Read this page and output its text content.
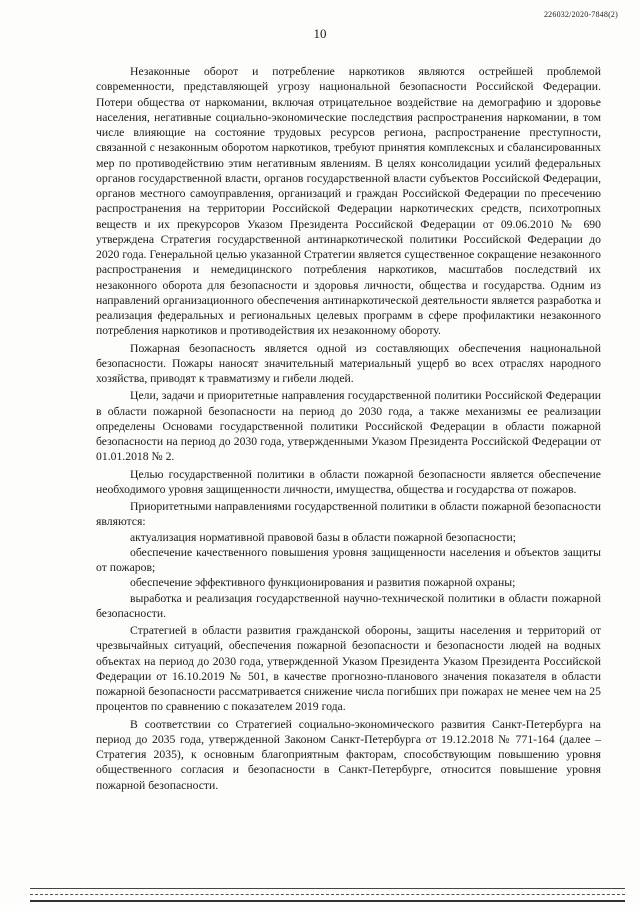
10
226032/2020-7848(2)

Незаконные оборот и потребление наркотиков являются острейшей проблемой современности, представляющей угрозу национальной безопасности Российской Федерации. Потери общества от наркомании, включая отрицательное воздействие на демографию и здоровье населения, негативные социально-экономические последствия распространения наркомании, в том числе влияющие на состояние трудовых ресурсов региона, распространение преступности, связанной с незаконным оборотом наркотиков, требуют принятия комплексных и сбалансированных мер по противодействию этим негативным явлениям. В целях консолидации усилий федеральных органов государственной власти, органов государственной власти субъектов Российской Федерации, органов местного самоуправления, организаций и граждан Российской Федерации по пресечению распространения на территории Российской Федерации наркотических средств, психотропных веществ и их прекурсоров Указом Президента Российской Федерации от 09.06.2010 № 690 утверждена Стратегия государственной антинаркотической политики Российской Федерации до 2020 года. Генеральной целью указанной Стратегии является существенное сокращение незаконного распространения и немедицинского потребления наркотиков, масштабов последствий их незаконного оборота для безопасности и здоровья личности, общества и государства. Одним из направлений организационного обеспечения антинаркотической деятельности является разработка и реализация федеральных и региональных целевых программ в сфере профилактики незаконного потребления наркотиков и противодействия их незаконному обороту.

Пожарная безопасность является одной из составляющих обеспечения национальной безопасности. Пожары наносят значительный материальный ущерб во всех отраслях народного хозяйства, приводят к травматизму и гибели людей.

Цели, задачи и приоритетные направления государственной политики Российской Федерации в области пожарной безопасности на период до 2030 года, а также механизмы ее реализации определены Основами государственной политики Российской Федерации в области пожарной безопасности на период до 2030 года, утвержденными Указом Президента Российской Федерации от 01.01.2018 № 2.

Целью государственной политики в области пожарной безопасности является обеспечение необходимого уровня защищенности личности, имущества, общества и государства от пожаров.

Приоритетными направлениями государственной политики в области пожарной безопасности являются:

актуализация нормативной правовой базы в области пожарной безопасности;

обеспечение качественного повышения уровня защищенности населения и объектов защиты от пожаров;

обеспечение эффективного функционирования и развития пожарной охраны;

выработка и реализация государственной научно-технической политики в области пожарной безопасности.

Стратегией в области развития гражданской обороны, защиты населения и территорий от чрезвычайных ситуаций, обеспечения пожарной безопасности и безопасности людей на водных объектах на период до 2030 года, утвержденной Указом Президента Указом Президента Российской Федерации от 16.10.2019 № 501, в качестве прогнозно-планового значения показателя в области пожарной безопасности рассматривается снижение числа погибших при пожарах не менее чем на 25 процентов по сравнению с показателем 2019 года.

В соответствии со Стратегией социально-экономического развития Санкт-Петербурга на период до 2035 года, утвержденной Законом Санкт-Петербурга от 19.12.2018 № 771-164 (далее – Стратегия 2035), к основным благоприятным факторам, способствующим повышению уровня общественного согласия и безопасности в Санкт-Петербурге, относится повышение уровня пожарной безопасности.
